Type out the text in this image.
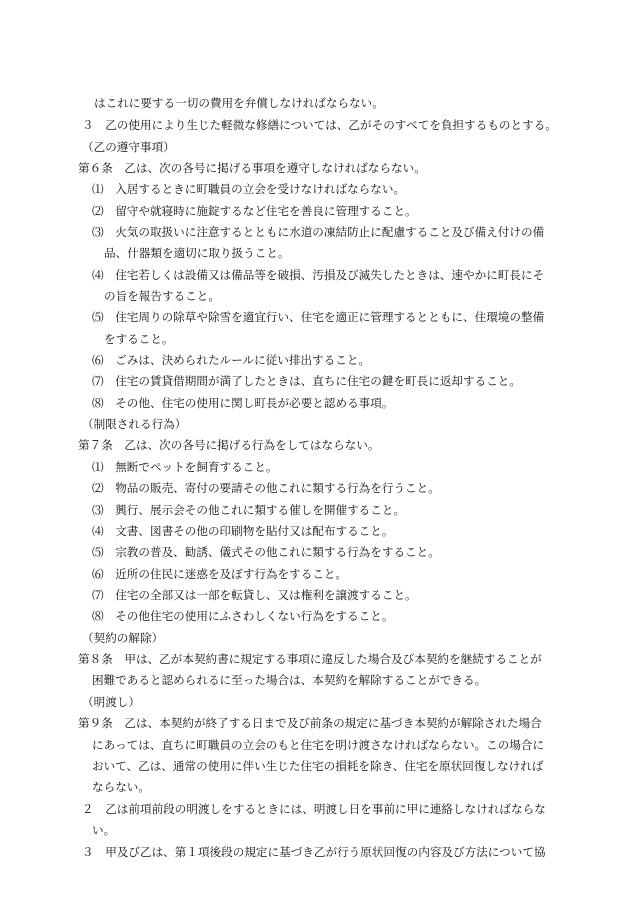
はこれに要する一切の費用を弁償しなければならない。
３　乙の使用により生じた軽微な修繕については、乙がそのすべてを負担するものとする。
（乙の遵守事項）
第６条　乙は、次の各号に掲げる事項を遵守しなければならない。
⑴　入居するときに町職員の立会を受けなければならない。
⑵　留守や就寝時に施錠するなど住宅を善良に管理すること。
⑶　火気の取扱いに注意するとともに水道の凍結防止に配慮すること及び備え付けの備
品、什器類を適切に取り扱うこと。
⑷　住宅若しくは設備又は備品等を破損、汚損及び滅失したときは、速やかに町長にそ
の旨を報告すること。
⑸　住宅周りの除草や除雪を適宜行い、住宅を適正に管理するとともに、住環境の整備
をすること。
⑹　ごみは、決められたルールに従い排出すること。
⑺　住宅の賃貸借期間が満了したときは、直ちに住宅の鍵を町長に返却すること。
⑻　その他、住宅の使用に関し町長が必要と認める事項。
（制限される行為）
第７条　乙は、次の各号に掲げる行為をしてはならない。
⑴　無断でペットを飼育すること。
⑵　物品の販売、寄付の要請その他これに類する行為を行うこと。
⑶　興行、展示会その他これに類する催しを開催すること。
⑷　文書、図書その他の印刷物を貼付又は配布すること。
⑸　宗教の普及、勧誘、儀式その他これに類する行為をすること。
⑹　近所の住民に迷惑を及ぼす行為をすること。
⑺　住宅の全部又は一部を転貸し、又は権利を譲渡すること。
⑻　その他住宅の使用にふさわしくない行為をすること。
（契約の解除）
第８条　甲は、乙が本契約書に規定する事項に違反した場合及び本契約を継続することが
困難であると認められるに至った場合は、本契約を解除することができる。
（明渡し）
第９条　乙は、本契約が終了する日まで及び前条の規定に基づき本契約が解除された場合
にあっては、直ちに町職員の立会のもと住宅を明け渡さなければならない。この場合に
おいて、乙は、通常の使用に伴い生じた住宅の損耗を除き、住宅を原状回復しなければ
ならない。
２　乙は前項前段の明渡しをするときには、明渡し日を事前に甲に連絡しなければならな
い。
３　甲及び乙は、第１項後段の規定に基づき乙が行う原状回復の内容及び方法について協
